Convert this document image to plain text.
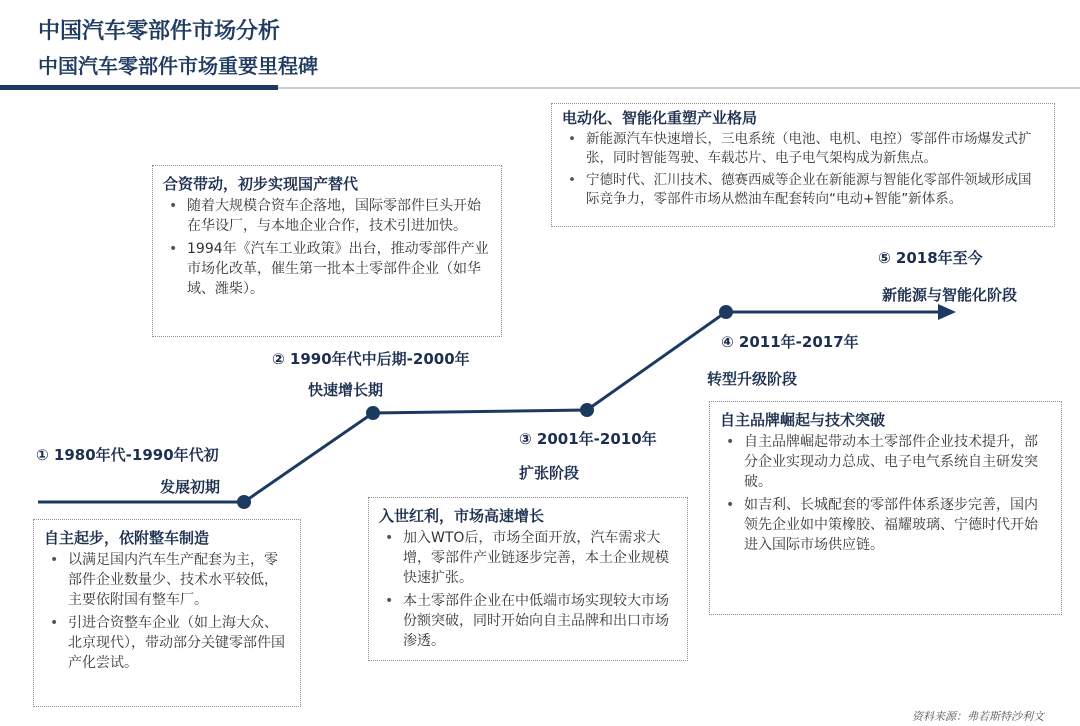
中国汽车零部件市场分析
中国汽车零部件市场重要里程碑
① 1980年代-1990年代初
发展初期
② 1990年代中后期-2000年
快速增长期
③ 2001年-2010年
扩张阶段
④ 2011年-2017年
转型升级阶段
⑤ 2018年至今
新能源与智能化阶段
自主起步，依附整车制造
• 以满足国内汽车生产配套为主，零部件企业数量少、技术水平较低，主要依附国有整车厂。
• 引进合资整车企业（如上海大众、北京现代），带动部分关键零部件国产化尝试。
合资带动，初步实现国产替代
• 随着大规模合资车企落地，国际零部件巨头开始在华设厂，与本地企业合作，技术引进加快。
• 1994年《汽车工业政策》出台，推动零部件产业市场化改革，催生第一批本土零部件企业（如华域、潍柴）。
入世红利，市场高速增长
• 加入WTO后，市场全面开放，汽车需求大增，零部件产业链逐步完善，本土企业规模快速扩张。
• 本土零部件企业在中低端市场实现较大市场份额突破，同时开始向自主品牌和出口市场渗透。
自主品牌崛起与技术突破
• 自主品牌崛起带动本土零部件企业技术提升，部分企业实现动力总成、电子电气系统自主研发突破。
• 如吉利、长城配套的零部件体系逐步完善，国内领先企业如中策橡胶、福耀玻璃、宁德时代开始进入国际市场供应链。
电动化、智能化重塑产业格局
• 新能源汽车快速增长，三电系统（电池、电机、电控）零部件市场爆发式扩张，同时智能驾驶、车载芯片、电子电气架构成为新焦点。
• 宁德时代、汇川技术、德赛西威等企业在新能源与智能化零部件领域形成国际竞争力，零部件市场从燃油车配套转向“电动+智能”新体系。
资料来源：弗若斯特沙利文
